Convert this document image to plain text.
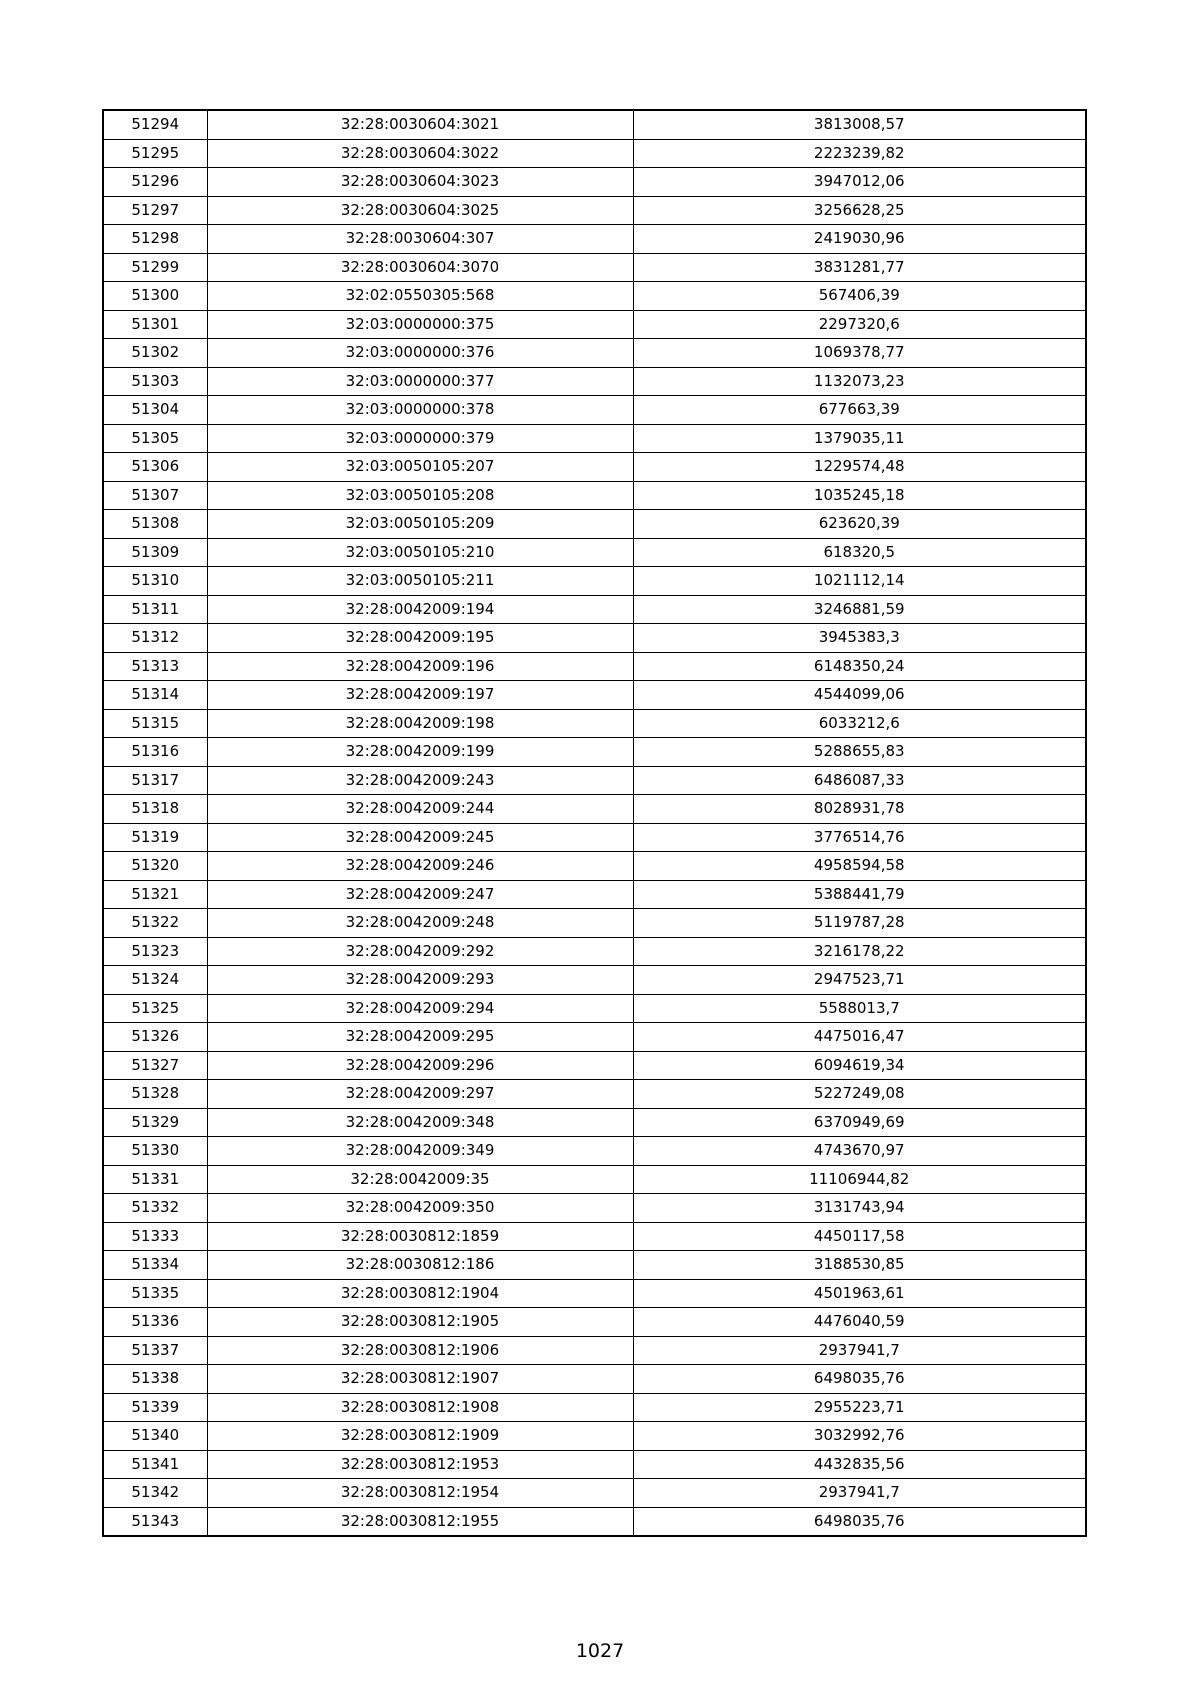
51294	32:28:0030604:3021	3813008,57
51295	32:28:0030604:3022	2223239,82
51296	32:28:0030604:3023	3947012,06
51297	32:28:0030604:3025	3256628,25
51298	32:28:0030604:307	2419030,96
51299	32:28:0030604:3070	3831281,77
51300	32:02:0550305:568	567406,39
51301	32:03:0000000:375	2297320,6
51302	32:03:0000000:376	1069378,77
51303	32:03:0000000:377	1132073,23
51304	32:03:0000000:378	677663,39
51305	32:03:0000000:379	1379035,11
51306	32:03:0050105:207	1229574,48
51307	32:03:0050105:208	1035245,18
51308	32:03:0050105:209	623620,39
51309	32:03:0050105:210	618320,5
51310	32:03:0050105:211	1021112,14
51311	32:28:0042009:194	3246881,59
51312	32:28:0042009:195	3945383,3
51313	32:28:0042009:196	6148350,24
51314	32:28:0042009:197	4544099,06
51315	32:28:0042009:198	6033212,6
51316	32:28:0042009:199	5288655,83
51317	32:28:0042009:243	6486087,33
51318	32:28:0042009:244	8028931,78
51319	32:28:0042009:245	3776514,76
51320	32:28:0042009:246	4958594,58
51321	32:28:0042009:247	5388441,79
51322	32:28:0042009:248	5119787,28
51323	32:28:0042009:292	3216178,22
51324	32:28:0042009:293	2947523,71
51325	32:28:0042009:294	5588013,7
51326	32:28:0042009:295	4475016,47
51327	32:28:0042009:296	6094619,34
51328	32:28:0042009:297	5227249,08
51329	32:28:0042009:348	6370949,69
51330	32:28:0042009:349	4743670,97
51331	32:28:0042009:35	11106944,82
51332	32:28:0042009:350	3131743,94
51333	32:28:0030812:1859	4450117,58
51334	32:28:0030812:186	3188530,85
51335	32:28:0030812:1904	4501963,61
51336	32:28:0030812:1905	4476040,59
51337	32:28:0030812:1906	2937941,7
51338	32:28:0030812:1907	6498035,76
51339	32:28:0030812:1908	2955223,71
51340	32:28:0030812:1909	3032992,76
51341	32:28:0030812:1953	4432835,56
51342	32:28:0030812:1954	2937941,7
51343	32:28:0030812:1955	6498035,76
1027
